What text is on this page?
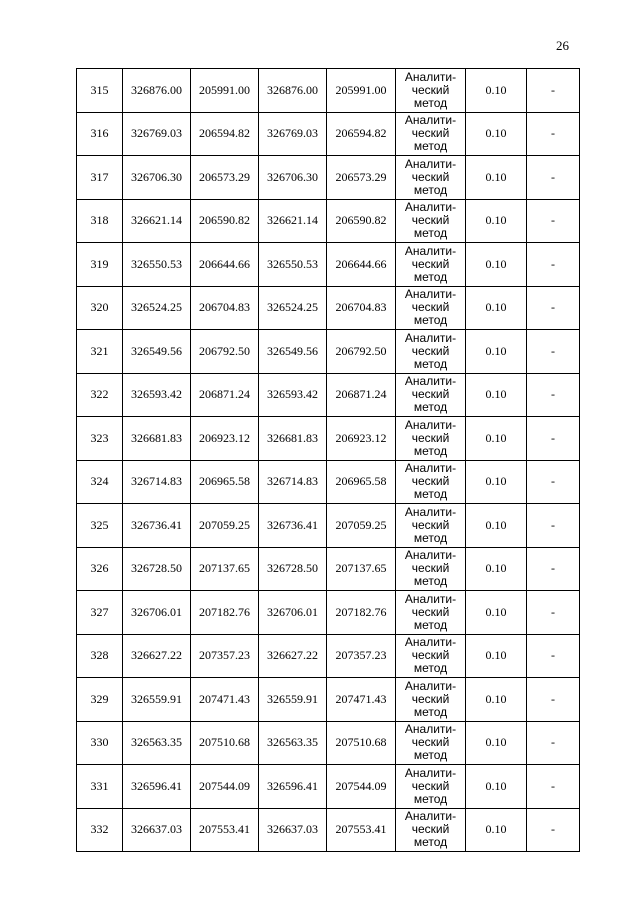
26
315	326876.00	205991.00	326876.00	205991.00	Аналити-
ческий
метод	0.10	-
316	326769.03	206594.82	326769.03	206594.82	Аналити-
ческий
метод	0.10	-
317	326706.30	206573.29	326706.30	206573.29	Аналити-
ческий
метод	0.10	-
318	326621.14	206590.82	326621.14	206590.82	Аналити-
ческий
метод	0.10	-
319	326550.53	206644.66	326550.53	206644.66	Аналити-
ческий
метод	0.10	-
320	326524.25	206704.83	326524.25	206704.83	Аналити-
ческий
метод	0.10	-
321	326549.56	206792.50	326549.56	206792.50	Аналити-
ческий
метод	0.10	-
322	326593.42	206871.24	326593.42	206871.24	Аналити-
ческий
метод	0.10	-
323	326681.83	206923.12	326681.83	206923.12	Аналити-
ческий
метод	0.10	-
324	326714.83	206965.58	326714.83	206965.58	Аналити-
ческий
метод	0.10	-
325	326736.41	207059.25	326736.41	207059.25	Аналити-
ческий
метод	0.10	-
326	326728.50	207137.65	326728.50	207137.65	Аналити-
ческий
метод	0.10	-
327	326706.01	207182.76	326706.01	207182.76	Аналити-
ческий
метод	0.10	-
328	326627.22	207357.23	326627.22	207357.23	Аналити-
ческий
метод	0.10	-
329	326559.91	207471.43	326559.91	207471.43	Аналити-
ческий
метод	0.10	-
330	326563.35	207510.68	326563.35	207510.68	Аналити-
ческий
метод	0.10	-
331	326596.41	207544.09	326596.41	207544.09	Аналити-
ческий
метод	0.10	-
332	326637.03	207553.41	326637.03	207553.41	Аналити-
ческий
метод	0.10	-
